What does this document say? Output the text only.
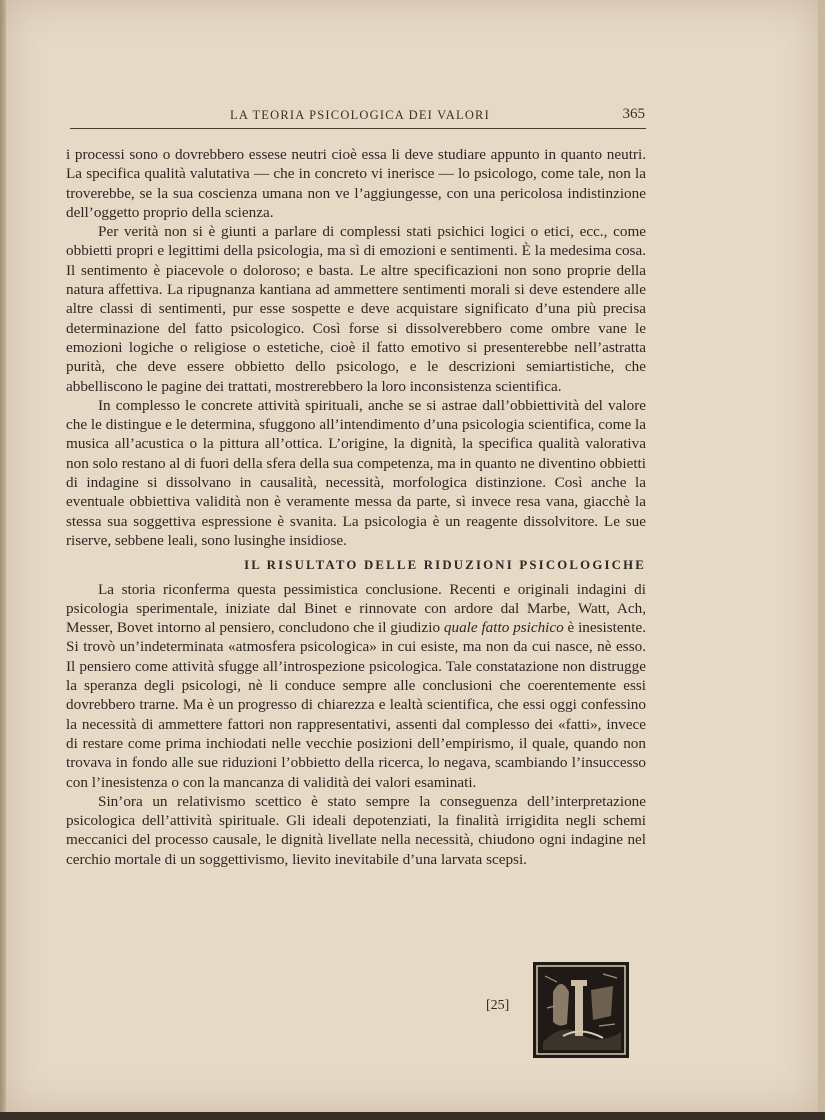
LA TEORIA PSICOLOGICA DEI VALORI	365

i processi sono o dovrebbero essese neutri cioè essa li deve studiare appunto in quanto neutri. La specifica qualità valutativa — che in concreto vi inerisce — lo psicologo, come tale, non la troverebbe, se la sua coscienza umana non ve l’aggiungesse, con una pericolosa indistinzione dell’oggetto proprio della scienza.

Per verità non si è giunti a parlare di complessi stati psichici logici o etici, ecc., come obbietti propri e legittimi della psicologia, ma sì di emozioni e sentimenti. È la medesima cosa. Il sentimento è piacevole o doloroso; e basta. Le altre specificazioni non sono proprie della natura affettiva. La ripugnanza kantiana ad ammettere sentimenti morali si deve estendere alle altre classi di sentimenti, pur esse sospette e deve acquistare significato d’una più precisa determinazione del fatto psicologico. Così forse si dissolverebbero come ombre vane le emozioni logiche o religiose o estetiche, cioè il fatto emotivo si presenterebbe nell’astratta purità, che deve essere obbietto dello psicologo, e le descrizioni semiartistiche, che abbelliscono le pagine dei trattati, mostrerebbero la loro inconsistenza scientifica.

In complesso le concrete attività spirituali, anche se si astrae dall’obbiettività del valore che le distingue e le determina, sfuggono all’intendimento d’una psicologia scientifica, come la musica all’acustica o la pittura all’ottica. L’origine, la dignità, la specifica qualità valorativa non solo restano al di fuori della sfera della sua competenza, ma in quanto ne diventino obbietti di indagine si dissolvano in causalità, necessità, morfologica distinzione. Così anche la eventuale obbiettiva validità non è veramente messa da parte, sì invece resa vana, giacchè la stessa sua soggettiva espressione è svanita. La psicologia è un reagente dissolvitore. Le sue riserve, sebbene leali, sono lusinghe insidiose.

IL RISULTATO DELLE RIDUZIONI PSICOLOGICHE

La storia riconferma questa pessimistica conclusione. Recenti e originali indagini di psicologia sperimentale, iniziate dal Binet e rinnovate con ardore dal Marbe, Watt, Ach, Messer, Bovet intorno al pensiero, concludono che il giudizio quale fatto psichico è inesistente. Si trovò un’indeterminata «atmosfera psicologica» in cui esiste, ma non da cui nasce, nè esso. Il pensiero come attività sfugge all’introspezione psicologica. Tale constatazione non distrugge la speranza degli psicologi, nè li conduce sempre alle conclusioni che coerentemente essi dovrebbero trarne. Ma è un progresso di chiarezza e lealtà scientifica, che essi oggi confessino la necessità di ammettere fattori non rappresentativi, assenti dal complesso dei «fatti», invece di restare come prima inchiodati nelle vecchie posizioni dell’empirismo, il quale, quando non trovava in fondo alle sue riduzioni l’obbietto della ricerca, lo negava, scambiando l’insuccesso con l’inesistenza o con la mancanza di validità dei valori esaminati.

Sin’ora un relativismo scettico è stato sempre la conseguenza dell’interpretazione psicologica dell’attività spirituale. Gli ideali depotenziati, la finalità irrigidita negli schemi meccanici del processo causale, le dignità livellate nella necessità, chiudono ogni indagine nel cerchio mortale di un soggettivismo, lievito inevitabile d’una larvata scepsi.

[25]
